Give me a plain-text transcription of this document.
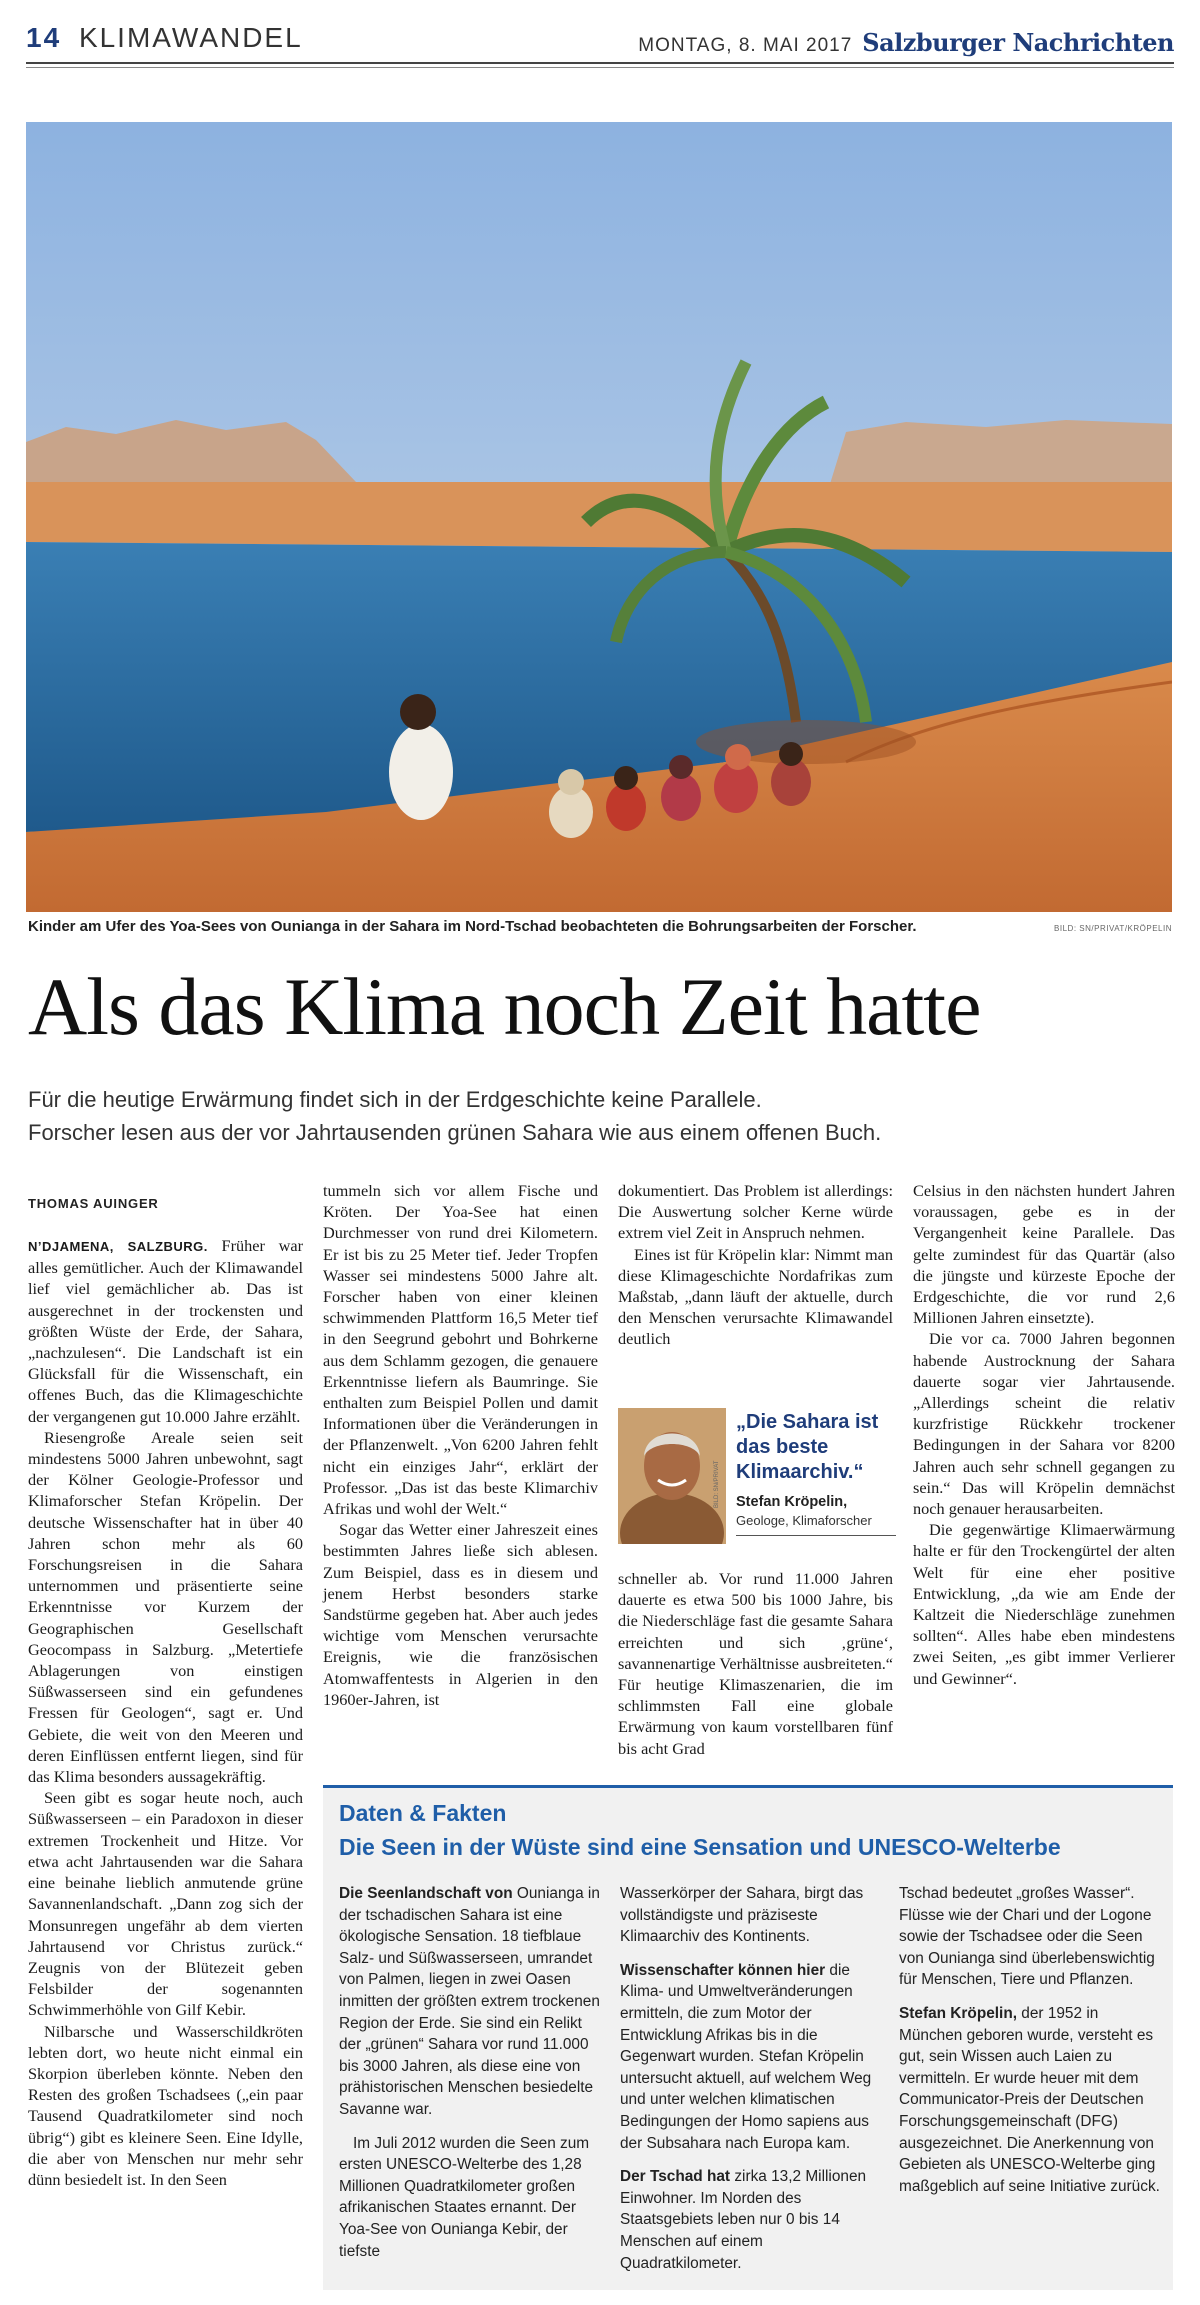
14 KLIMAWANDEL	MONTAG, 8. MAI 2017 Salzburger Nachrichten
Kinder am Ufer des Yoa-Sees von Ounianga in der Sahara im Nord-Tschad beobachteten die Bohrungsarbeiten der Forscher.	BILD: SN/PRIVAT/KRÖPELIN
Als das Klima noch Zeit hatte
Für die heutige Erwärmung findet sich in der Erdgeschichte keine Parallele.
Forscher lesen aus der vor Jahrtausenden grünen Sahara wie aus einem offenen Buch.
THOMAS AUINGER

N’DJAMENA, SALZBURG. Früher war alles gemütlicher. Auch der Klimawandel lief viel gemächlicher ab. Das ist ausgerechnet in der trockensten und größten Wüste der Erde, der Sahara, „nachzulesen“. Die Landschaft ist ein Glücksfall für die Wissenschaft, ein offenes Buch, das die Klimageschichte der vergangenen gut 10.000 Jahre erzählt.

Riesengroße Areale seien seit mindestens 5000 Jahren unbewohnt, sagt der Kölner Geologie-Professor und Klimaforscher Stefan Kröpelin. Der deutsche Wissenschafter hat in über 40 Jahren schon mehr als 60 Forschungsreisen in die Sahara unternommen und präsentierte seine Erkenntnisse vor Kurzem der Geographischen Gesellschaft Geocompass in Salzburg. „Metertiefe Ablagerungen von einstigen Süßwasserseen sind ein gefundenes Fressen für Geologen“, sagt er. Und Gebiete, die weit von den Meeren und deren Einflüssen entfernt liegen, sind für das Klima besonders aussagekräftig.

Seen gibt es sogar heute noch, auch Süßwasserseen – ein Paradoxon in dieser extremen Trockenheit und Hitze. Vor etwa acht Jahrtausenden war die Sahara eine beinahe lieblich anmutende grüne Savannenlandschaft. „Dann zog sich der Monsunregen ungefähr ab dem vierten Jahrtausend vor Christus zurück.“ Zeugnis von der Blütezeit geben Felsbilder der sogenannten Schwimmerhöhle von Gilf Kebir.

Nilbarsche und Wasserschildkröten lebten dort, wo heute nicht einmal ein Skorpion überleben könnte. Neben den Resten des großen Tschadsees („ein paar Tausend Quadratkilometer sind noch übrig“) gibt es kleinere Seen. Eine Idylle, die aber von Menschen nur mehr sehr dünn besiedelt ist. In den Seen

tummeln sich vor allem Fische und Kröten. Der Yoa-See hat einen Durchmesser von rund drei Kilometern. Er ist bis zu 25 Meter tief. Jeder Tropfen Wasser sei mindestens 5000 Jahre alt. Forscher haben von einer kleinen schwimmenden Plattform 16,5 Meter tief in den Seegrund gebohrt und Bohrkerne aus dem Schlamm gezogen, die genauere Erkenntnisse liefern als Baumringe. Sie enthalten zum Beispiel Pollen und damit Informationen über die Veränderungen in der Pflanzenwelt. „Von 6200 Jahren fehlt nicht ein einziges Jahr“, erklärt der Professor. „Das ist das beste Klimarchiv Afrikas und wohl der Welt.“

Sogar das Wetter einer Jahreszeit eines bestimmten Jahres ließe sich ablesen. Zum Beispiel, dass es in diesem und jenem Herbst besonders starke Sandstürme gegeben hat. Aber auch jedes wichtige vom Menschen verursachte Ereignis, wie die französischen Atomwaffentests in Algerien in den 1960er-Jahren, ist

dokumentiert. Das Problem ist allerdings: Die Auswertung solcher Kerne würde extrem viel Zeit in Anspruch nehmen.

Eines ist für Kröpelin klar: Nimmt man diese Klimageschichte Nordafrikas zum Maßstab, „dann läuft der aktuelle, durch den Menschen verursachte Klimawandel deutlich

BILD: SN/PRIVAT
„Die Sahara ist das beste Klimaarchiv.“
Stefan Kröpelin,
Geologe, Klimaforscher

schneller ab. Vor rund 11.000 Jahren dauerte es etwa 500 bis 1000 Jahre, bis die Niederschläge fast die gesamte Sahara erreichten und sich ‚grüne‘, savannenartige Verhältnisse ausbreiteten.“ Für heutige Klimaszenarien, die im schlimmsten Fall eine globale Erwärmung von kaum vorstellbaren fünf bis acht Grad

Celsius in den nächsten hundert Jahren voraussagen, gebe es in der Vergangenheit keine Parallele. Das gelte zumindest für das Quartär (also die jüngste und kürzeste Epoche der Erdgeschichte, die vor rund 2,6 Millionen Jahren einsetzte).

Die vor ca. 7000 Jahren begonnen habende Austrocknung der Sahara dauerte sogar vier Jahrtausende. „Allerdings scheint die relativ kurzfristige Rückkehr trockener Bedingungen in der Sahara vor 8200 Jahren auch sehr schnell gegangen zu sein.“ Das will Kröpelin demnächst noch genauer herausarbeiten.

Die gegenwärtige Klimaerwärmung halte er für den Trockengürtel der alten Welt für eine eher positive Entwicklung, „da wie am Ende der Kaltzeit die Niederschläge zunehmen sollten“. Alles habe eben mindestens zwei Seiten, „es gibt immer Verlierer und Gewinner“.

Daten & Fakten
Die Seen in der Wüste sind eine Sensation und UNESCO-Welterbe

Die Seenlandschaft von Ounianga in der tschadischen Sahara ist eine ökologische Sensation. 18 tiefblaue Salz- und Süßwasserseen, umrandet von Palmen, liegen in zwei Oasen inmitten der größten extrem trockenen Region der Erde. Sie sind ein Relikt der „grünen“ Sahara vor rund 11.000 bis 3000 Jahren, als diese eine von prähistorischen Menschen besiedelte Savanne war.

Im Juli 2012 wurden die Seen zum ersten UNESCO-Welterbe des 1,28 Millionen Quadratkilometer großen afrikanischen Staates ernannt. Der Yoa-See von Ounianga Kebir, der tiefste

Wasserkörper der Sahara, birgt das vollständigste und präziseste Klimaarchiv des Kontinents.

Wissenschafter können hier die Klima- und Umweltveränderungen ermitteln, die zum Motor der Entwicklung Afrikas bis in die Gegenwart wurden. Stefan Kröpelin untersucht aktuell, auf welchem Weg und unter welchen klimatischen Bedingungen der Homo sapiens aus der Subsahara nach Europa kam.

Der Tschad hat zirka 13,2 Millionen Einwohner. Im Norden des Staatsgebiets leben nur 0 bis 14 Menschen auf einem Quadratkilometer.

Tschad bedeutet „großes Wasser“. Flüsse wie der Chari und der Logone sowie der Tschadsee oder die Seen von Ounianga sind überlebenswichtig für Menschen, Tiere und Pflanzen.

Stefan Kröpelin, der 1952 in München geboren wurde, versteht es gut, sein Wissen auch Laien zu vermitteln. Er wurde heuer mit dem Communicator-Preis der Deutschen Forschungsgemeinschaft (DFG) ausgezeichnet. Die Anerkennung von Gebieten als UNESCO-Welterbe ging maßgeblich auf seine Initiative zurück.
